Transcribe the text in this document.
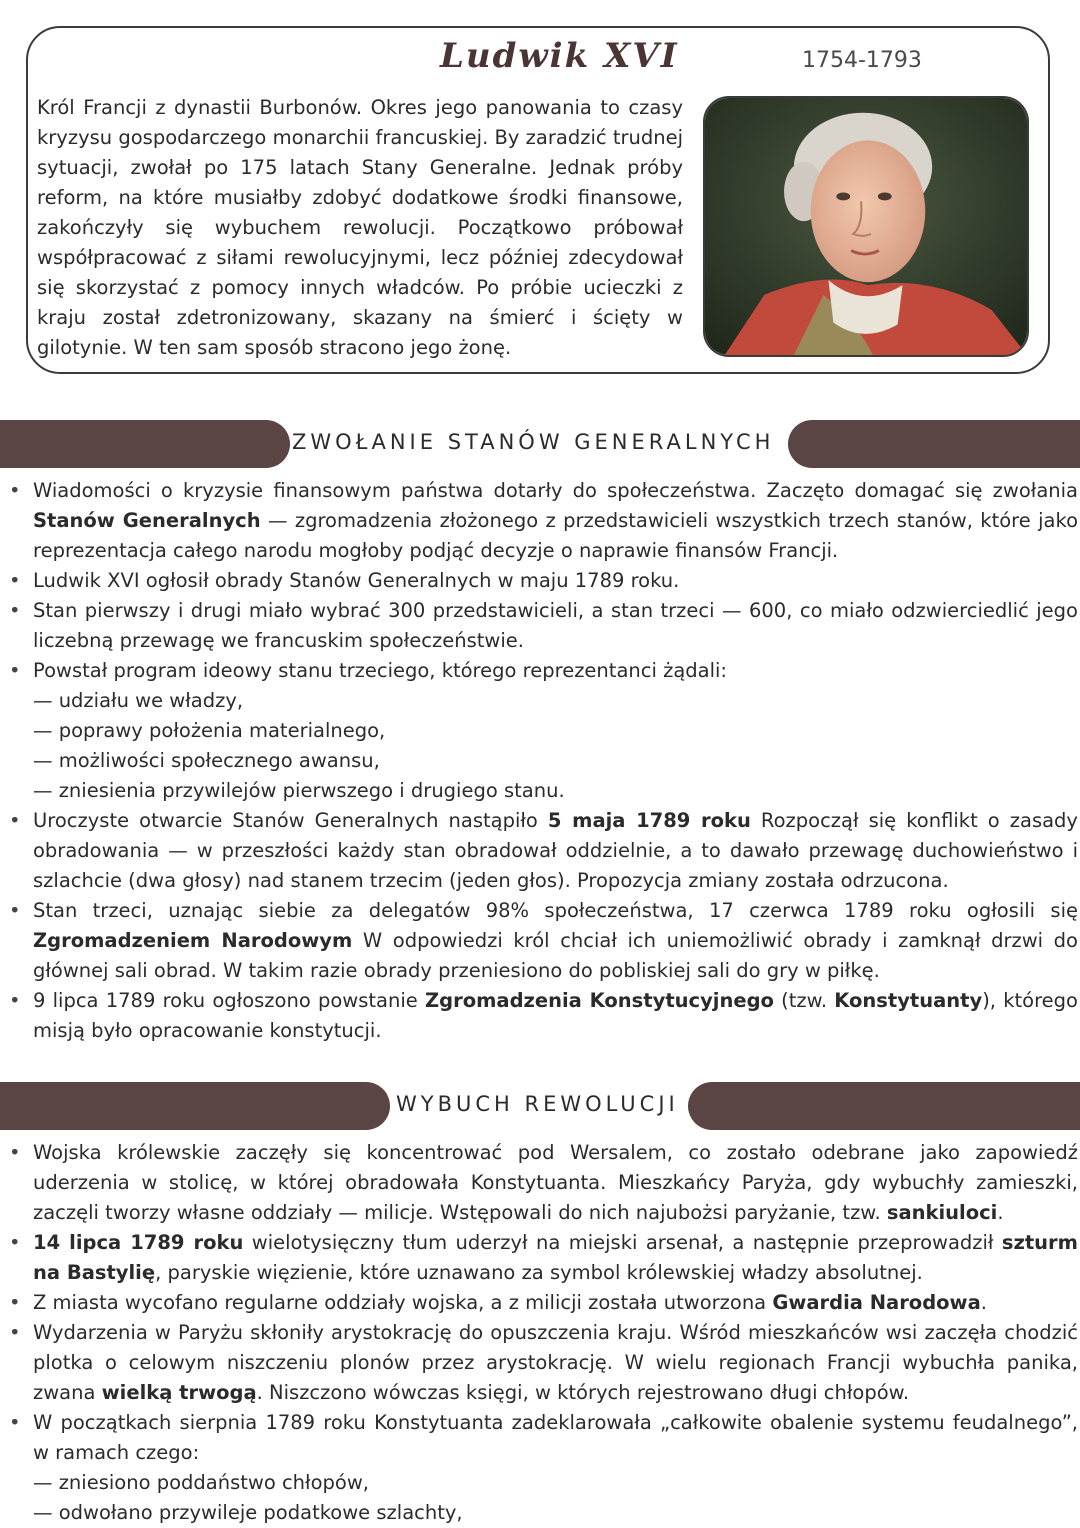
Ludwik XVI	1754-1793
Król Francji z dynastii Burbonów. Okres jego panowania to czasy kryzysu gospodarczego monarchii francuskiej. By zaradzić trudnej sytuacji, zwołał po 175 latach Stany Generalne. Jednak próby reform, na które musiałby zdobyć dodatkowe środki finansowe, zakończyły się wybuchem rewolucji. Początkowo próbował współpracować z siłami rewolucyjnymi, lecz później zdecydował się skorzystać z pomocy innych władców. Po próbie ucieczki z kraju został zdetronizowany, skazany na śmierć i ścięty w gilotynie. W ten sam sposób stracono jego żonę.
ZWOŁANIE STANÓW GENERALNYCH
• Wiadomości o kryzysie finansowym państwa dotarły do społeczeństwa. Zaczęto domagać się zwołania Stanów Generalnych — zgromadzenia złożonego z przedstawicieli wszystkich trzech stanów, które jako reprezentacja całego narodu mogłoby podjąć decyzje o naprawie finansów Francji.
• Ludwik XVI ogłosił obrady Stanów Generalnych w maju 1789 roku.
• Stan pierwszy i drugi miało wybrać 300 przedstawicieli, a stan trzeci — 600, co miało odzwierciedlić jego liczebną przewagę we francuskim społeczeństwie.
• Powstał program ideowy stanu trzeciego, którego reprezentanci żądali:
— udziału we władzy,
— poprawy położenia materialnego,
— możliwości społecznego awansu,
— zniesienia przywilejów pierwszego i drugiego stanu.
• Uroczyste otwarcie Stanów Generalnych nastąpiło 5 maja 1789 roku Rozpoczął się konflikt o zasady obradowania — w przeszłości każdy stan obradował oddzielnie, a to dawało przewagę duchowieństwo i szlachcie (dwa głosy) nad stanem trzecim (jeden głos). Propozycja zmiany została odrzucona.
• Stan trzeci, uznając siebie za delegatów 98% społeczeństwa, 17 czerwca 1789 roku ogłosili się Zgromadzeniem Narodowym W odpowiedzi król chciał ich uniemożliwić obrady i zamknął drzwi do głównej sali obrad. W takim razie obrady przeniesiono do pobliskiej sali do gry w piłkę.
• 9 lipca 1789 roku ogłoszono powstanie Zgromadzenia Konstytucyjnego (tzw. Konstytuanty), którego misją było opracowanie konstytucji.
WYBUCH REWOLUCJI
• Wojska królewskie zaczęły się koncentrować pod Wersalem, co zostało odebrane jako zapowiedź uderzenia w stolicę, w której obradowała Konstytuanta. Mieszkańcy Paryża, gdy wybuchły zamieszki, zaczęli tworzy własne oddziały — milicje. Wstępowali do nich najubożsi paryżanie, tzw. sankiuloci.
• 14 lipca 1789 roku wielotysięczny tłum uderzył na miejski arsenał, a następnie przeprowadził szturm na Bastylię, paryskie więzienie, które uznawano za symbol królewskiej władzy absolutnej.
• Z miasta wycofano regularne oddziały wojska, a z milicji została utworzona Gwardia Narodowa.
• Wydarzenia w Paryżu skłoniły arystokrację do opuszczenia kraju. Wśród mieszkańców wsi zaczęła chodzić plotka o celowym niszczeniu plonów przez arystokrację. W wielu regionach Francji wybuchła panika, zwana wielką trwogą. Niszczono wówczas księgi, w których rejestrowano długi chłopów.
• W początkach sierpnia 1789 roku Konstytuanta zadeklarowała „całkowite obalenie systemu feudalnego”, w ramach czego:
— zniesiono poddaństwo chłopów,
— odwołano przywileje podatkowe szlachty,
